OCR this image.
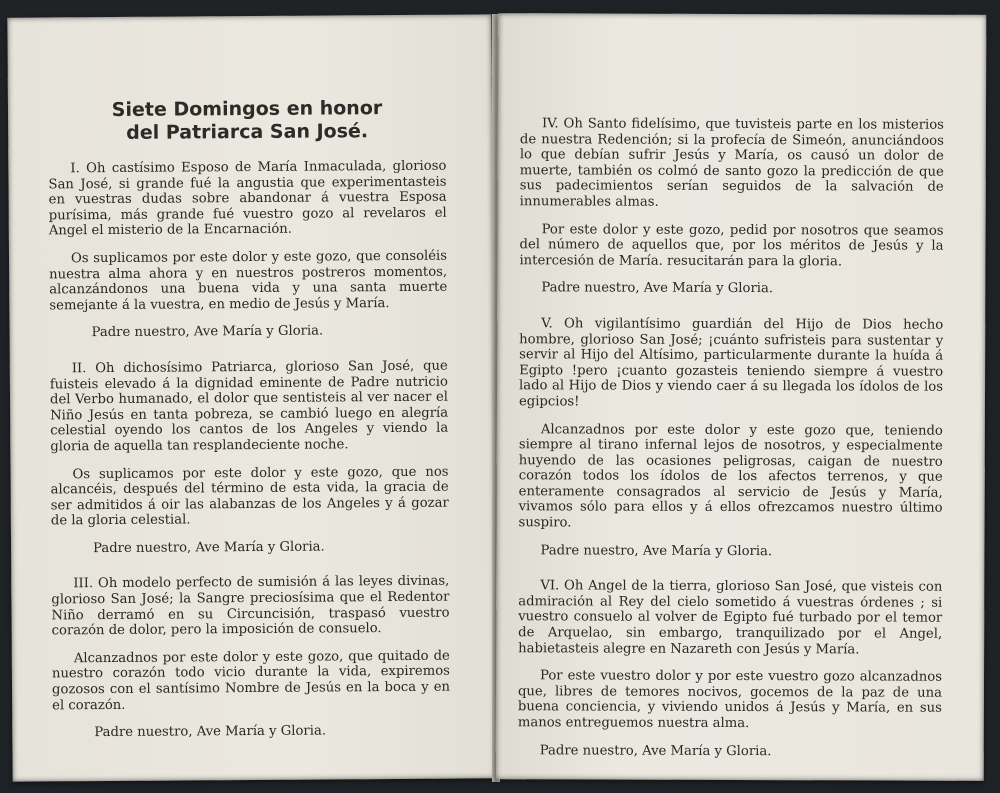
Siete Domingos en honor
del Patriarca San José.

I. Oh castísimo Esposo de María Inmaculada, glorioso San José, si grande fué la angustia que experimentasteis en vuestras dudas sobre abandonar á vuestra Esposa purísima, más grande fué vuestro gozo al revelaros el Angel el misterio de la Encarnación.

Os suplicamos por este dolor y este gozo, que consoléis nuestra alma ahora y en nuestros postreros momentos, alcanzándonos una buena vida y una santa muerte semejante á la vuestra, en medio de Jesús y María.

Padre nuestro, Ave María y Gloria.

II. Oh dichosísimo Patriarca, glorioso San José, que fuisteis elevado á la dignidad eminente de Padre nutricio del Verbo humanado, el dolor que sentisteis al ver nacer el Niño Jesús en tanta pobreza, se cambió luego en alegría celestial oyendo los cantos de los Angeles y viendo la gloria de aquella tan resplandeciente noche.

Os suplicamos por este dolor y este gozo, que nos alcancéis, después del término de esta vida, la gracia de ser admitidos á oir las alabanzas de los Angeles y á gozar de la gloria celestial.

Padre nuestro, Ave María y Gloria.

III. Oh modelo perfecto de sumisión á las leyes divinas, glorioso San José; la Sangre preciosísima que el Redentor Niño derramó en su Circuncisión, traspasó vuestro corazón de dolor, pero la imposición de consuelo.

Alcanzadnos por este dolor y este gozo, que quitado de nuestro corazón todo vicio durante la vida, expiremos gozosos con el santísimo Nombre de Jesús en la boca y en el corazón.

Padre nuestro, Ave María y Gloria.

IV. Oh Santo fidelísimo, que tuvisteis parte en los misterios de nuestra Redención; si la profecía de Simeón, anunciándoos lo que debían sufrir Jesús y María, os causó un dolor de muerte, también os colmó de santo gozo la predicción de que sus padecimientos serían seguidos de la salvación de innumerables almas.

Por este dolor y este gozo, pedid por nosotros que seamos del número de aquellos que, por los méritos de Jesús y la intercesión de María. resucitarán para la gloria.

Padre nuestro, Ave María y Gloria.

V. Oh vigilantísimo guardián del Hijo de Dios hecho hombre, glorioso San José; ¡cuánto sufristeis para sustentar y servir al Hijo del Altísimo, particularmente durante la huída á Egipto !pero ¡cuanto gozasteis teniendo siempre á vuestro lado al Hijo de Dios y viendo caer á su llegada los ídolos de los egipcios!

Alcanzadnos por este dolor y este gozo que, teniendo siempre al tirano infernal lejos de nosotros, y especialmente huyendo de las ocasiones peligrosas, caigan de nuestro corazón todos los ídolos de los afectos terrenos, y que enteramente consagrados al servicio de Jesús y María, vivamos sólo para ellos y á ellos ofrezcamos nuestro último suspiro.

Padre nuestro, Ave María y Gloria.

VI. Oh Angel de la tierra, glorioso San José, que visteis con admiración al Rey del cielo sometido á vuestras órdenes ; si vuestro consuelo al volver de Egipto fué turbado por el temor de Arquelao, sin embargo, tranquilizado por el Angel, habietasteis alegre en Nazareth con Jesús y María.

Por este vuestro dolor y por este vuestro gozo alcanzadnos que, libres de temores nocivos, gocemos de la paz de una buena conciencia, y viviendo unidos á Jesús y María, en sus manos entreguemos nuestra alma.

Padre nuestro, Ave María y Gloria.
